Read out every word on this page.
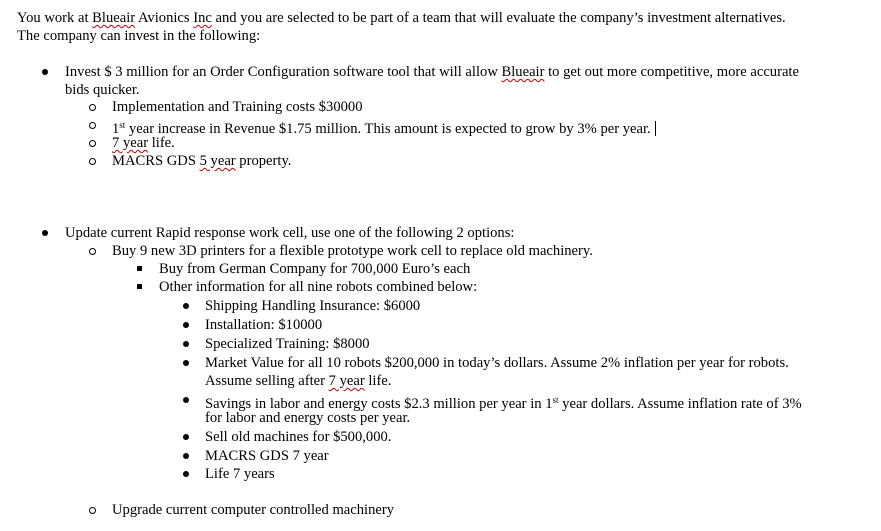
You work at Blueair Avionics Inc and you are selected to be part of a team that will evaluate the company’s investment alternatives.
The company can invest in the following:
Invest $ 3 million for an Order Configuration software tool that will allow Blueair to get out more competitive, more accurate
bids quicker.
Implementation and Training costs $30000
1st year increase in Revenue $1.75 million. This amount is expected to grow by 3% per year.
7 year life.
MACRS GDS 5 year property.
Update current Rapid response work cell, use one of the following 2 options:
Buy 9 new 3D printers for a flexible prototype work cell to replace old machinery.
Buy from German Company for 700,000 Euro’s each
Other information for all nine robots combined below:
Shipping Handling Insurance: $6000
Installation: $10000
Specialized Training: $8000
Market Value for all 10 robots $200,000 in today’s dollars. Assume 2% inflation per year for robots.
Assume selling after 7 year life.
Savings in labor and energy costs $2.3 million per year in 1st year dollars. Assume inflation rate of 3%
for labor and energy costs per year.
Sell old machines for $500,000.
MACRS GDS 7 year
Life 7 years
Upgrade current computer controlled machinery
